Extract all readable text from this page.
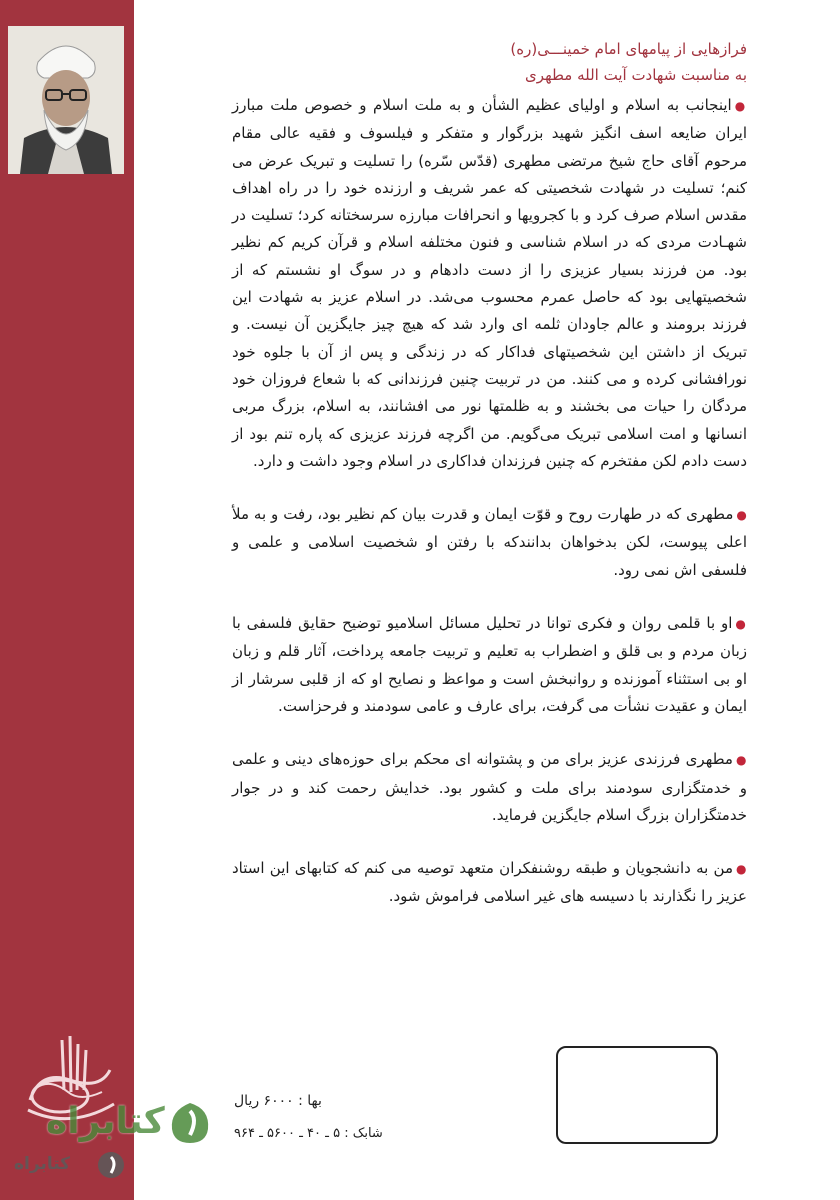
فرازهایی از پیامهای امام خمینـــی(ره)
به مناسبت شهادت آیت الله مطهری

●اینجانب به اسلام و اولیای عظیم الشأن و به ملت اسلام و خصوص ملت مبارز ایران ضایعه اسف انگیز شهید بزرگوار و متفکر و فیلسوف و فقیه عالی مقام مرحوم آقای حاج شیخ مرتضی مطهری (قدّس سّره) را تسلیت و تبریک عرض می کنم؛ تسلیت در شهادت شخصیتی که عمر شریف و ارزنده خود را در راه اهداف مقدس اسلام صرف کرد و با کجرویها و انحرافات مبارزه سرسختانه کرد؛ تسلیت در شهـادت مردی که در اسلام شناسی و فنون مختلفه اسلام و قرآن کریم کم نظیر بود. من فرزند بسیار عزیزی را از دست دادهام و در سوگ او نشستم که از شخصیتهایی بود که حاصل عمرم محسوب می‌شد. در اسلام عزیز به شهادت این فرزند برومند و عالم جاودان ثلمه ای وارد شد که هیچ چیز جایگزین آن نیست. و تبریک از داشتن این شخصیتهای فداکار که در زندگی و پس از آن با جلوه خود نورافشانی کرده و می کنند. من در تربیت چنین فرزندانی که با شعاع فروزان خود مردگان را حیات می بخشند و به ظلمتها نور می افشانند، به اسلام، بزرگ مربی انسانها و امت اسلامی تبریک می‌گویم. من اگرچه فرزند عزیزی که پاره تنم بود از دست دادم لکن مفتخرم که چنین فرزندان فداکاری در اسلام وجود داشت و دارد.

●مطهری که در طهارت روح و قوّت ایمان و قدرت بیان کم نظیر بود، رفت و به ملأ اعلی پیوست، لکن بدخواهان بدانندکه با رفتن او شخصیت اسلامی و علمی و فلسفی اش نمی رود.

●او با قلمی روان و فکری توانا در تحلیل مسائل اسلامیو توضیح حقایق فلسفی با زبان مردم و بی قلق و اضطراب به تعلیم و تربیت جامعه پرداخت، آثار قلم و زبان او بی استثناء آموزنده و روانبخش است و مواعظ و نصایح او که از قلبی سرشار از ایمان و عقیدت نشأت می گرفت، برای عارف و عامی سودمند و فرحزاست.

●مطهری فرزندی عزیز برای من و پشتوانه ای محکم برای حوزه‌های دینی و علمی و خدمتگزاری سودمند برای ملت و کشور بود. خدایش رحمت کند و در جوار خدمتگزاران بزرگ اسلام جایگزین فرماید.

●من به دانشجویان و طبقه روشنفکران متعهد توصیه می کنم که کتابهای این استاد عزیز را نگذارند با دسیسه های غیر اسلامی فراموش شود.

بها : ۶۰۰۰ ریال
شابک : ۵ ـ ۴۰ ـ ۵۶۰۰ ـ ۹۶۴
کتابراه
کتابراه
